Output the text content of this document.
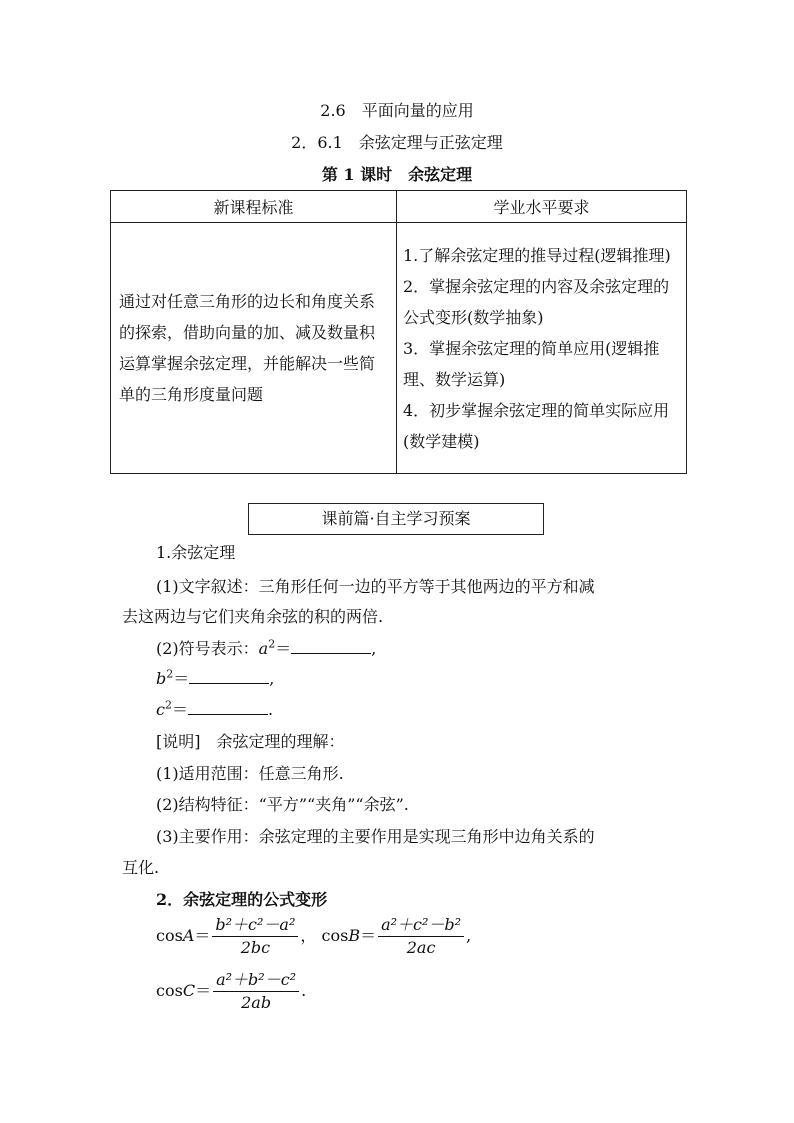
2.6　平面向量的应用
2．6.1　余弦定理与正弦定理
第 1 课时　余弦定理
新课程标准	学业水平要求
通过对任意三角形的边长和角度关系的探索，借助向量的加、减及数量积运算掌握余弦定理，并能解决一些简单的三角形度量问题	1.了解余弦定理的推导过程(逻辑推理)
2．掌握余弦定理的内容及余弦定理的公式变形(数学抽象)
3．掌握余弦定理的简单应用(逻辑推理、数学运算)
4．初步掌握余弦定理的简单实际应用(数学建模)
课前篇·自主学习预案
1.余弦定理
(1)文字叙述：三角形任何一边的平方等于其他两边的平方和减
去这两边与它们夹角余弦的积的两倍.
(2)符号表示：$a^2=$	,
$b^2=$	,
$c^2=$	.
[说明]　余弦定理的理解：
(1)适用范围：任意三角形.
(2)结构特征：“平方”“夹角”“余弦”.
(3)主要作用：余弦定理的主要作用是实现三角形中边角关系的
互化.
2．余弦定理的公式变形
$\cos A= \frac{\text{b²＋c²－a²}}{2bc}$ ， $\cos B= \frac{\text{a²＋c²－b²}}{2ac}$ ,
$\cos C= \frac{\text{a²＋b²－c²}}{2ab}$ .
